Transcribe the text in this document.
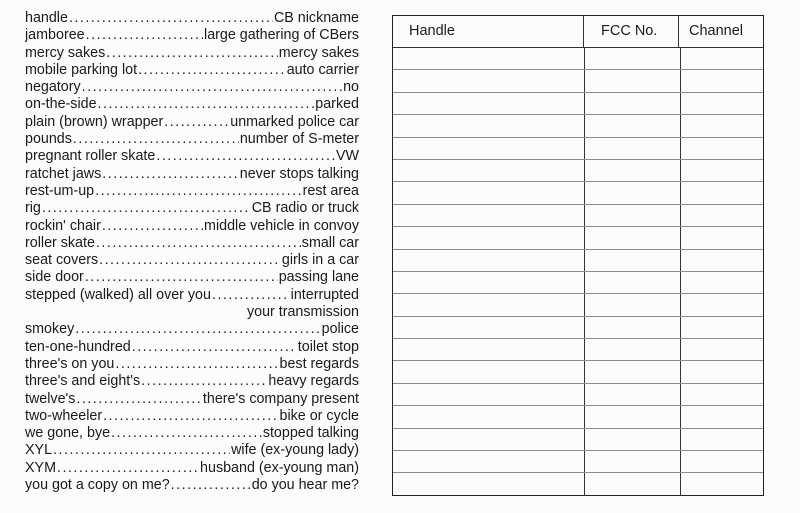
handle .....	CB nickname
jamboree .....	large gathering of CBers
mercy sakes .....	mercy sakes
mobile parking lot .....	auto carrier
negatory .....	no
on-the-side .....	parked
plain (brown) wrapper .....	unmarked police car
pounds .....	number of S-meter
pregnant roller skate .....	VW
ratchet jaws .....	never stops talking
rest-um-up .....	rest area
rig .....	CB radio or truck
rockin' chair .....	middle vehicle in convoy
roller skate .....	small car
seat covers .....	girls in a car
side door .....	passing lane
stepped (walked) all over you .....	interrupted
your transmission
smokey .....	police
ten-one-hundred .....	toilet stop
three's on you .....	best regards
three's and eight's .....	heavy regards
twelve's .....	there's company present
two-wheeler .....	bike or cycle
we gone, bye .....	stopped talking
XYL .....	wife (ex-young lady)
XYM .....	husband (ex-young man)
you got a copy on me? .....	do you hear me?
Handle	FCC No.	Channel
